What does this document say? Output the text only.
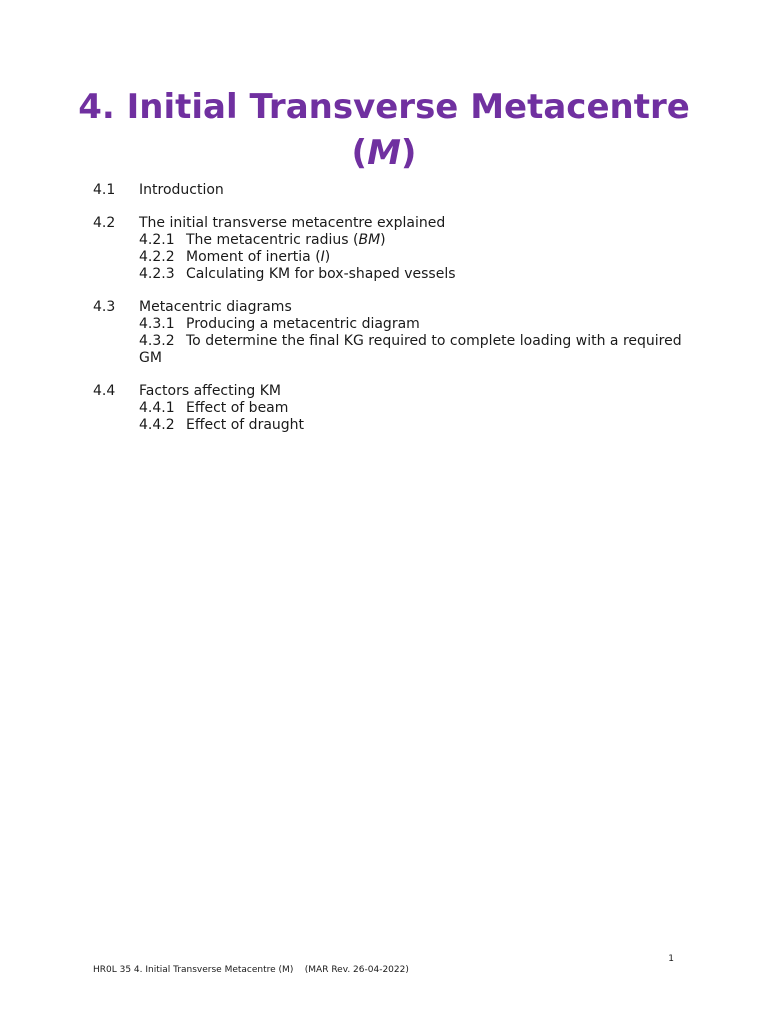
4. Initial Transverse Metacentre
(M)
4.1	Introduction
4.2	The initial transverse metacentre explained
4.2.1 The metacentric radius (BM)
4.2.2 Moment of inertia (I)
4.2.3 Calculating KM for box-shaped vessels
4.3	Metacentric diagrams
4.3.1 Producing a metacentric diagram
4.3.2 To determine the final KG required to complete loading with a required
GM
4.4	Factors affecting KM
4.4.1 Effect of beam
4.4.2 Effect of draught
1
HR0L 35 4. Initial Transverse Metacentre (M)    (MAR Rev. 26-04-2022)
